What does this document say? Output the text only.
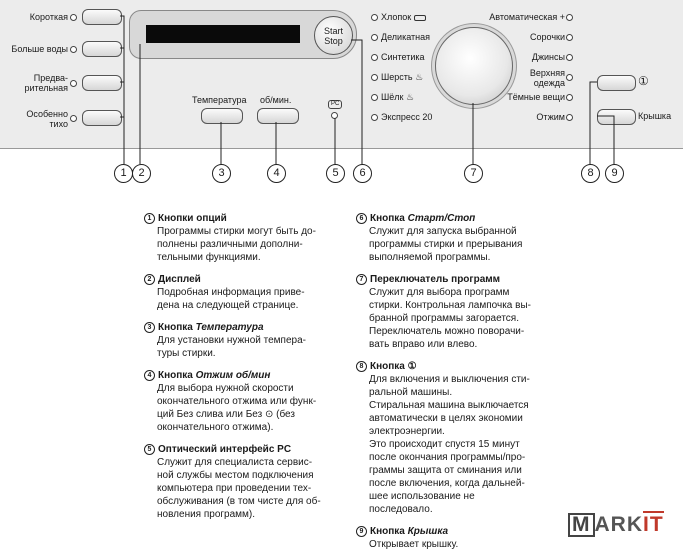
Короткая
Больше воды
Предва-
рительная
Особенно
тихо
Start
Stop
Температура об/мин.	PC
Хлопок
Деликатная
Синтетика
Шерсть ♨
Шёлк ♨
Экспресс 20
Автоматическая +
Сорочки
Джинсы
Верхняя
одежда
Тёмные вещи
Отжим
①
Крышка
1	2	3	4	5	6	7	8	9
1 Кнопки опций
Программы стирки могут быть до-
полнены различными дополни-
тельными функциями.
2 Дисплей
Подробная информация приве-
дена на следующей странице.
3 Кнопка Температура
Для установки нужной темпера-
туры стирки.
4 Кнопка Отжим об/мин
Для выбора нужной скорости
окончательного отжима или функ-
ций Без слива или Без ⊙ (без
окончательного отжима).
5 Оптический интерфейс PC
Служит для специалиста сервис-
ной службы местом подключения
компьютера при проведении тех-
обслуживания (в том чисте для об-
новления программ).
6 Кнопка Старт/Стоп
Служит для запуска выбранной
программы стирки и прерывания
выполняемой программы.
7 Переключатель программ
Служит для выбора программ
стирки. Контрольная лампочка вы-
бранной программы загорается.
Переключатель можно поворачи-
вать вправо или влево.
8 Кнопка ①
Для включения и выключения сти-
ральной машины.
Стиральная машина выключается
автоматически в целях экономии
электроэнергии.
Это происходит спустя 15 минут
после окончания программы/про-
граммы защита от сминания или
после включения, когда дальней-
шее использование не
последовало.
9 Кнопка Крышка
Открывает крышку.
M ARKIT
